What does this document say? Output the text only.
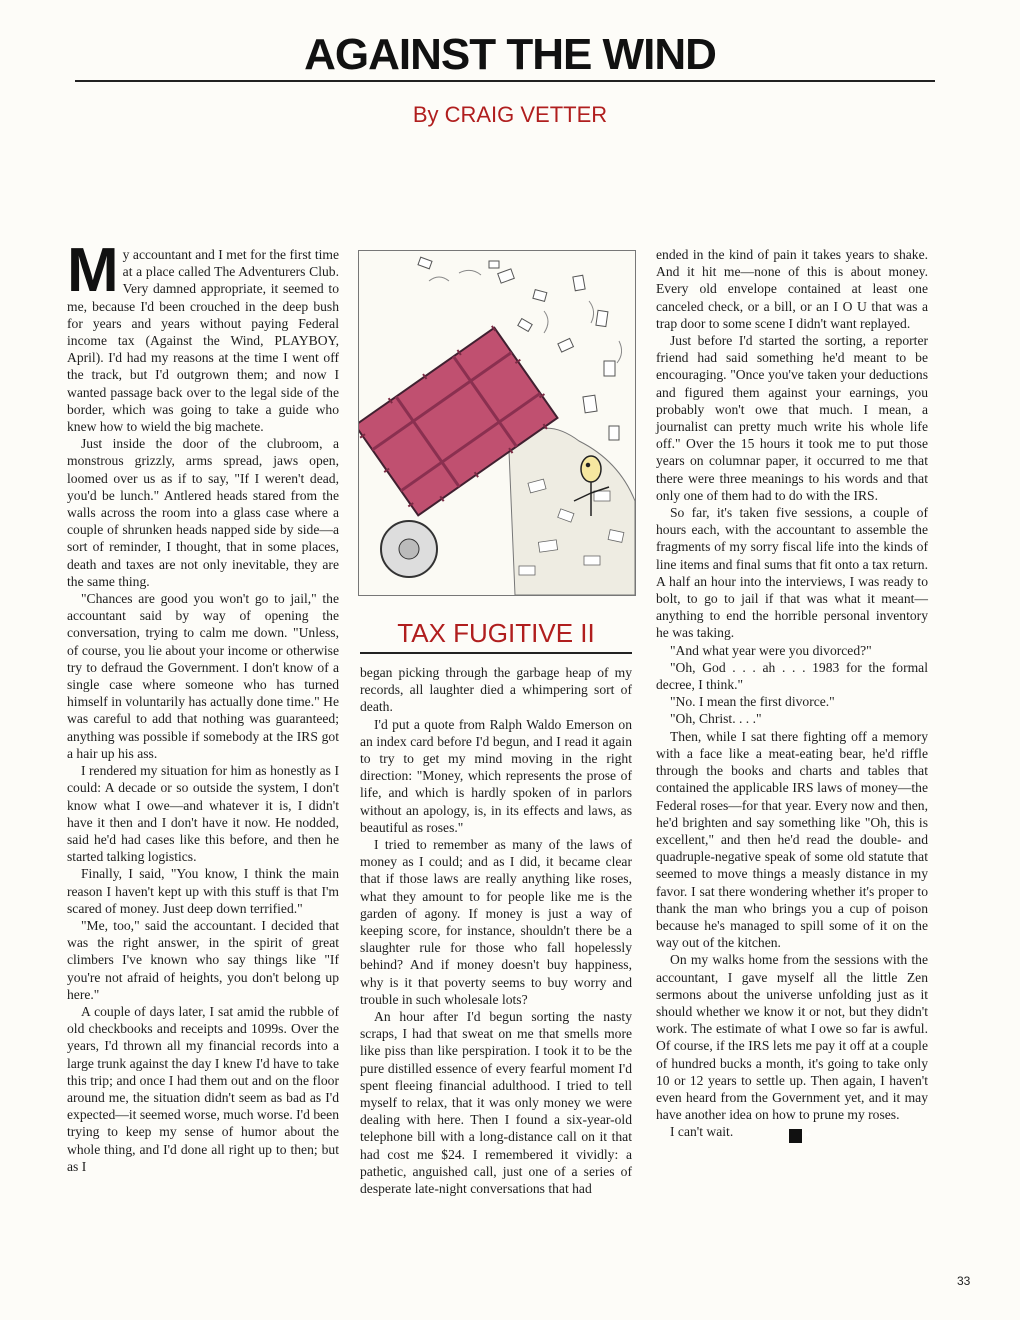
AGAINST THE WIND
By CRAIG VETTER

My accountant and I met for the first time at a place called The Adventurers Club. Very damned appropriate, it seemed to me, because I'd been crouched in the deep bush for years and years without paying Federal income tax (Against the Wind, PLAYBOY, April). I'd had my reasons at the time I went off the track, but I'd outgrown them; and now I wanted passage back over to the legal side of the border, which was going to take a guide who knew how to wield the big machete.

Just inside the door of the clubroom, a monstrous grizzly, arms spread, jaws open, loomed over us as if to say, "If I weren't dead, you'd be lunch." Antlered heads stared from the walls across the room into a glass case where a couple of shrunken heads napped side by side—a sort of reminder, I thought, that in some places, death and taxes are not only inevitable, they are the same thing.

"Chances are good you won't go to jail," the accountant said by way of opening the conversation, trying to calm me down. "Unless, of course, you lie about your income or otherwise try to defraud the Government. I don't know of a single case where someone who has turned himself in voluntarily has actually done time." He was careful to add that nothing was guaranteed; anything was possible if somebody at the IRS got a hair up his ass.

I rendered my situation for him as honestly as I could: A decade or so outside the system, I don't know what I owe—and whatever it is, I didn't have it then and I don't have it now. He nodded, said he'd had cases like this before, and then he started talking logistics.

Finally, I said, "You know, I think the main reason I haven't kept up with this stuff is that I'm scared of money. Just deep down terrified."

"Me, too," said the accountant. I decided that was the right answer, in the spirit of great climbers I've known who say things like "If you're not afraid of heights, you don't belong up here."

A couple of days later, I sat amid the rubble of old checkbooks and receipts and 1099s. Over the years, I'd thrown all my financial records into a large trunk against the day I knew I'd have to take this trip; and once I had them out and on the floor around me, the situation didn't seem as bad as I'd expected—it seemed worse, much worse. I'd been trying to keep my sense of humor about the whole thing, and I'd done all right up to then; but as I

TAX FUGITIVE II

began picking through the garbage heap of my records, all laughter died a whimpering sort of death.

I'd put a quote from Ralph Waldo Emerson on an index card before I'd begun, and I read it again to try to get my mind moving in the right direction: "Money, which represents the prose of life, and which is hardly spoken of in parlors without an apology, is, in its effects and laws, as beautiful as roses."

I tried to remember as many of the laws of money as I could; and as I did, it became clear that if those laws are really anything like roses, what they amount to for people like me is the garden of agony. If money is just a way of keeping score, for instance, shouldn't there be a slaughter rule for those who fall hopelessly behind? And if money doesn't buy happiness, why is it that poverty seems to buy worry and trouble in such wholesale lots?

An hour after I'd begun sorting the nasty scraps, I had that sweat on me that smells more like piss than like perspiration. I took it to be the pure distilled essence of every fearful moment I'd spent fleeing financial adulthood. I tried to tell myself to relax, that it was only money we were dealing with here. Then I found a six-year-old telephone bill with a long-distance call on it that had cost me $24. I remembered it vividly: a pathetic, anguished call, just one of a series of desperate late-night conversations that had

ended in the kind of pain it takes years to shake. And it hit me—none of this is about money. Every old envelope contained at least one canceled check, or a bill, or an I O U that was a trap door to some scene I didn't want replayed.

Just before I'd started the sorting, a reporter friend had said something he'd meant to be encouraging. "Once you've taken your deductions and figured them against your earnings, you probably won't owe that much. I mean, a journalist can pretty much write his whole life off." Over the 15 hours it took me to put those years on columnar paper, it occurred to me that there were three meanings to his words and that only one of them had to do with the IRS.

So far, it's taken five sessions, a couple of hours each, with the accountant to assemble the fragments of my sorry fiscal life into the kinds of line items and final sums that fit onto a tax return. A half an hour into the interviews, I was ready to bolt, to go to jail if that was what it meant—anything to end the horrible personal inventory he was taking.

"And what year were you divorced?"

"Oh, God . . . ah . . . 1983 for the formal decree, I think."

"No. I mean the first divorce."

"Oh, Christ. . . ."

Then, while I sat there fighting off a memory with a face like a meat-eating bear, he'd riffle through the books and charts and tables that contained the applicable IRS laws of money—the Federal roses—for that year. Every now and then, he'd brighten and say something like "Oh, this is excellent," and then he'd read the double- and quadruple-negative speak of some old statute that seemed to move things a measly distance in my favor. I sat there wondering whether it's proper to thank the man who brings you a cup of poison because he's managed to spill some of it on the way out of the kitchen.

On my walks home from the sessions with the accountant, I gave myself all the little Zen sermons about the universe unfolding just as it should whether we know it or not, but they didn't work. The estimate of what I owe so far is awful. Of course, if the IRS lets me pay it off at a couple of hundred bucks a month, it's going to take only 10 or 12 years to settle up. Then again, I haven't even heard from the Government yet, and it may have another idea on how to prune my roses.

I can't wait.	✷

33
